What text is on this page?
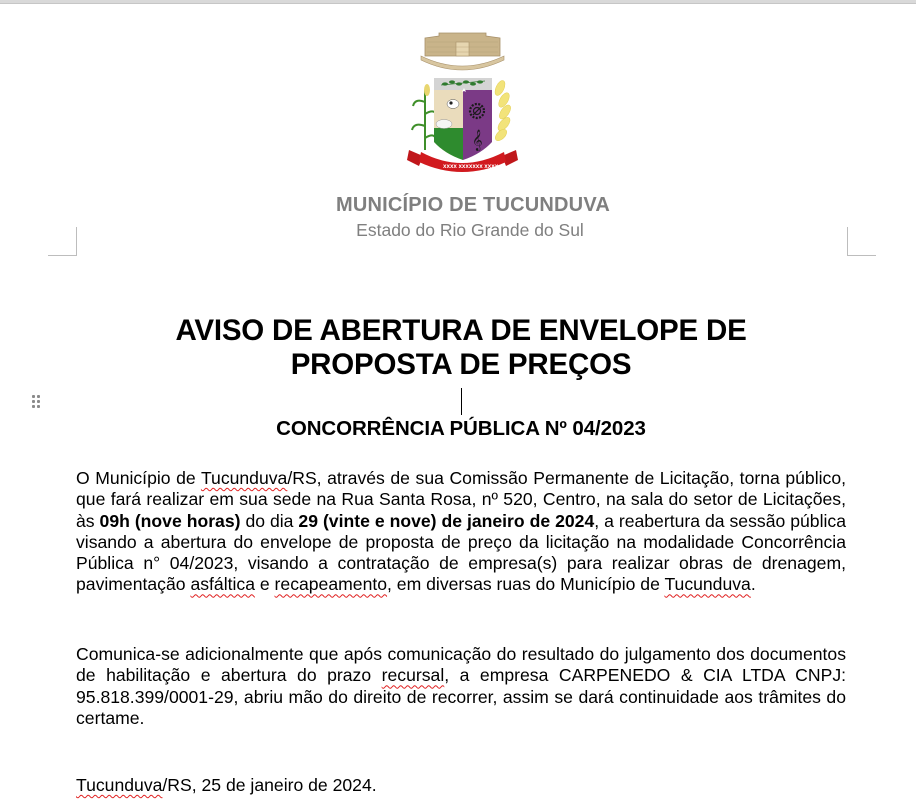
𝄞
XXXX XXXXXXX XXXX
MUNICÍPIO DE TUCUNDUVA
Estado do Rio Grande do Sul
AVISO DE ABERTURA DE ENVELOPE DE
PROPOSTA DE PREÇOS
CONCORRÊNCIA PÚBLICA Nº 04/2023
O Município de Tucunduva/RS, através de sua Comissão Permanente de Licitação, torna público, que fará realizar em sua sede na Rua Santa Rosa, nº 520, Centro, na sala do setor de Licitações, às 09h (nove horas) do dia 29 (vinte e nove) de janeiro de 2024, a reabertura da sessão pública visando a abertura do envelope de proposta de preço da licitação na modalidade Concorrência Pública n° 04/2023, visando a contratação de empresa(s) para realizar obras de drenagem, pavimentação asfáltica e recapeamento, em diversas ruas do Município de Tucunduva.
Comunica-se adicionalmente que após comunicação do resultado do julgamento dos documentos de habilitação e abertura do prazo recursal, a empresa CARPENEDO & CIA LTDA CNPJ: 95.818.399/0001-29, abriu mão do direito de recorrer, assim se dará continuidade aos trâmites do certame.
Tucunduva/RS, 25 de janeiro de 2024.
